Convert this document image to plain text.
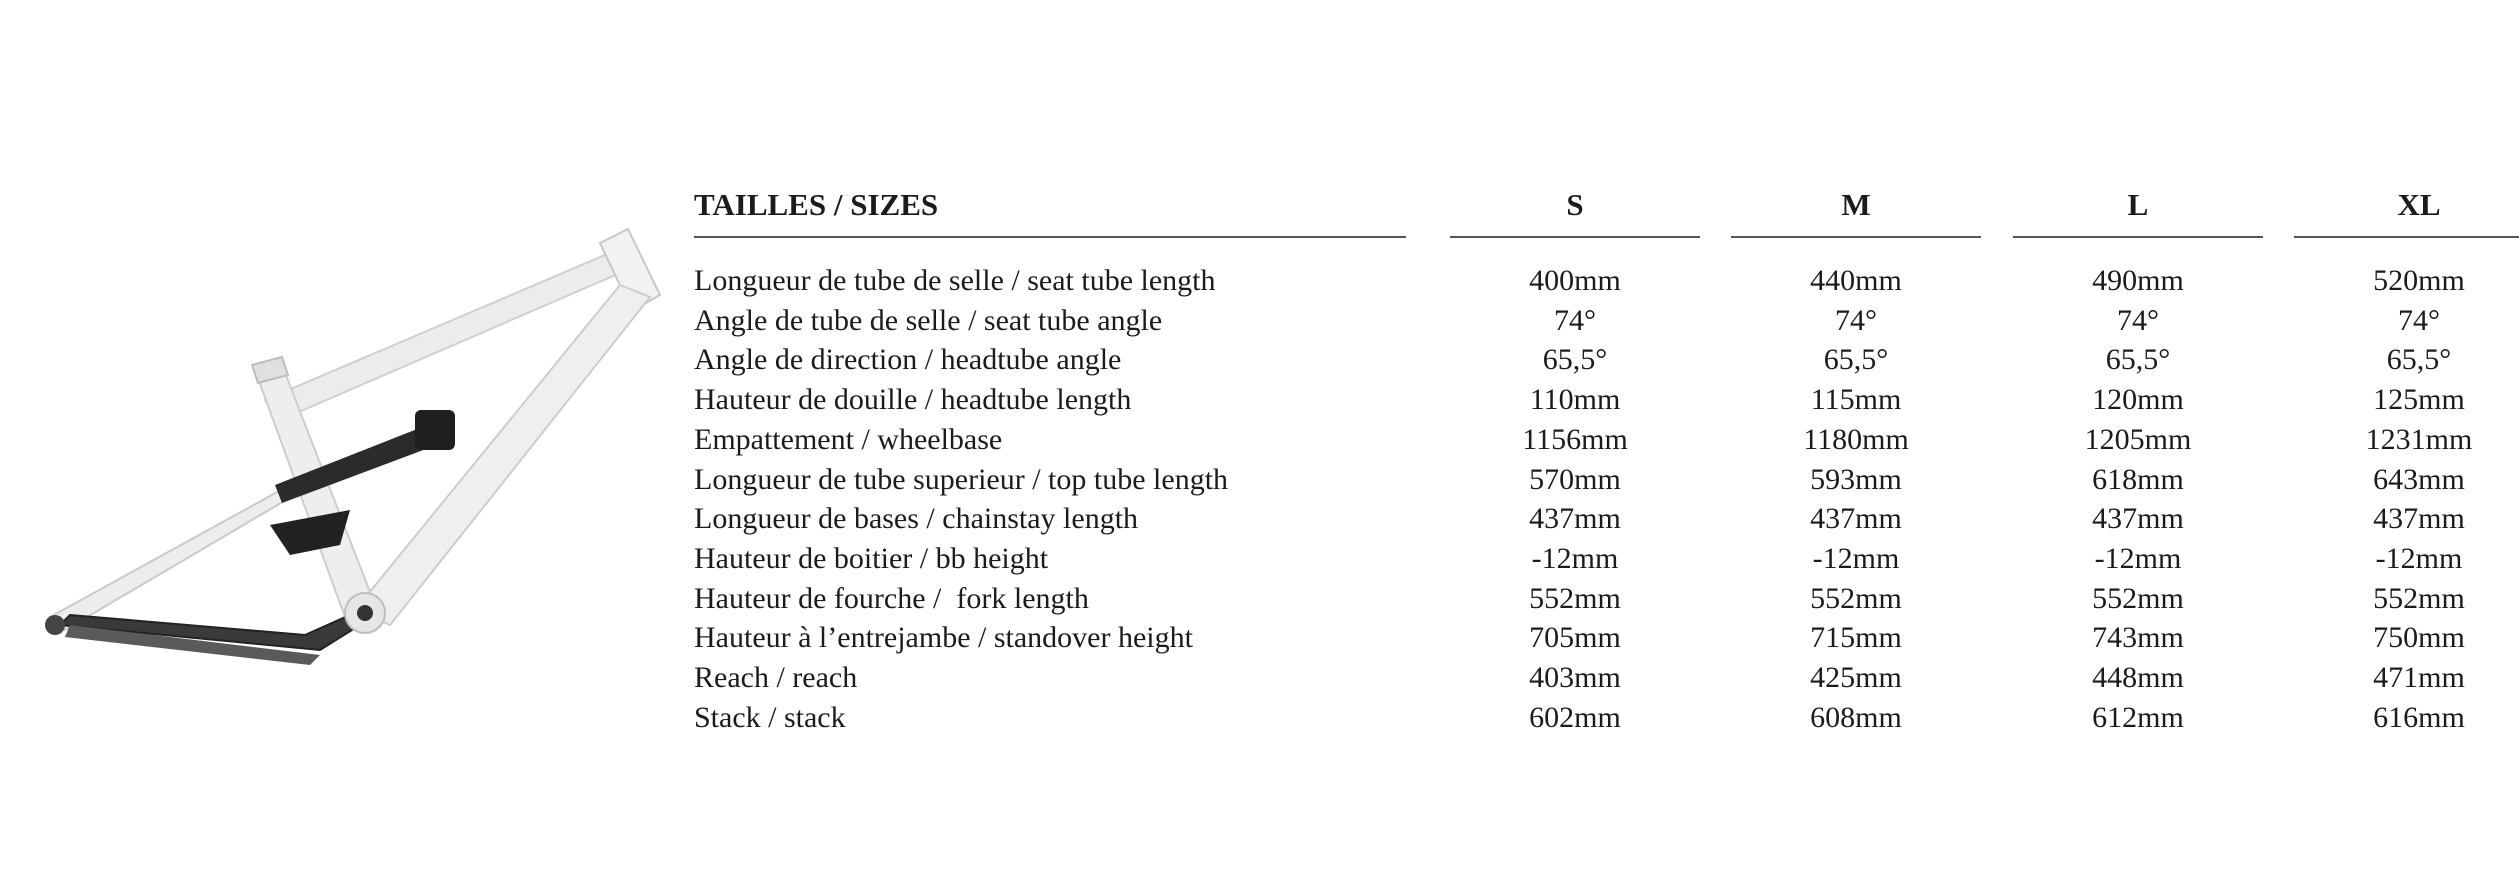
TAILLES / SIZES	S	M	L	XL
Longueur de tube de selle / seat tube length	400mm	440mm	490mm	520mm
Angle de tube de selle / seat tube angle	74°	74°	74°	74°
Angle de direction / headtube angle	65,5°	65,5°	65,5°	65,5°
Hauteur de douille / headtube length	110mm	115mm	120mm	125mm
Empattement / wheelbase	1156mm	1180mm	1205mm	1231mm
Longueur de tube superieur / top tube length	570mm	593mm	618mm	643mm
Longueur de bases / chainstay length	437mm	437mm	437mm	437mm
Hauteur de boitier / bb height	-12mm	-12mm	-12mm	-12mm
Hauteur de fourche /  fork length	552mm	552mm	552mm	552mm
Hauteur à l’entrejambe / standover height	705mm	715mm	743mm	750mm
Reach / reach	403mm	425mm	448mm	471mm
Stack / stack	602mm	608mm	612mm	616mm
